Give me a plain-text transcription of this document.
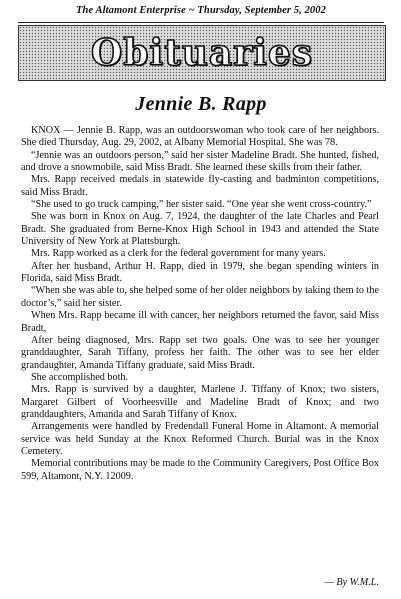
The Altamont Enterprise ~ Thursday, September 5, 2002
Obituaries
Jennie B. Rapp

KNOX — Jennie B. Rapp, was an outdoorswoman who took care of her neighbors. She died Thursday, Aug. 29, 2002, at Albany Memorial Hospital. She was 78.

“Jennie was an outdoors person,” said her sister Madeline Bradt. She hunted, fished, and drove a snowmobile, said Miss Bradt. She learned these skills from their father.

Mrs. Rapp received medals in statewide fly-casting and badminton competitions, said Miss Bradt.

“She used to go truck camping,” her sister said. “One year she went cross-country.”

She was born in Knox on Aug. 7, 1924, the daughter of the late Charles and Pearl Bradt. She graduated from Berne-Knox High School in 1943 and attended the State University of New York at Plattsburgh.

Mrs. Rapp worked as a clerk for the federal government for many years.

After her husband, Arthur H. Rapp, died in 1979, she began spending winters in Florida, said Miss Bradt.

“When she was able to, she helped some of her older neighbors by taking them to the doctor’s,” said her sister.

When Mrs. Rapp became ill with cancer, her neighbors returned the favor, said Miss Bradt,

After being diagnosed, Mrs. Rapp set two goals. One was to see her younger granddaughter, Sarah Tiffany, profess her faith. The other was to see her elder grandaughter, Amanda Tiffany graduate, said Miss Bradt.

She accomplished both.

Mrs. Rapp is survived by a daughter, Marlene J. Tiffany of Knox; two sisters, Margaret Gilbert of Voorheesville and Madeline Bradt of Knox; and two granddaughters, Amanda and Sarah Tiffany of Knox.

Arrangements were handled by Fredendall Funeral Home in Altamont. A memorial service was held Sunday at the Knox Reformed Church. Burial was in the Knox Cemetery.

Memorial contributions may be made to the Community Caregivers, Post Office Box 599, Altamont, N.Y. 12009.

— By W.M.L.
